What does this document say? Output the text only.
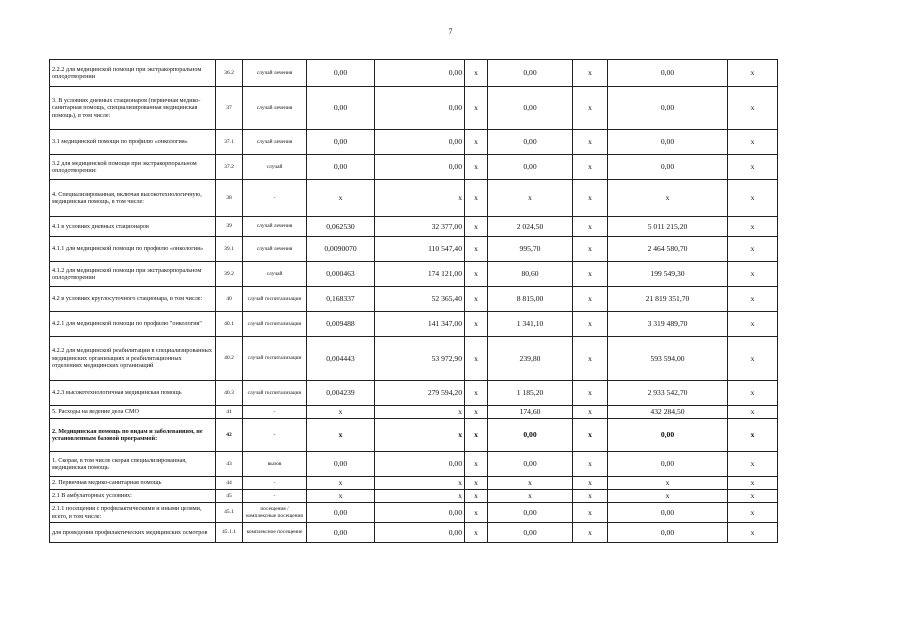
7
2.2.2 для медицинской помощи при экстракорпоральном оплодотворении	36.2	случай лечения	0,00	0,00	х	0,00	х	0,00	х
3. В условиях дневных стационаров (первичная медико-санитарная помощь, специализированная медицинская помощь), в том числе:	37	случай лечения	0,00	0,00	х	0,00	х	0,00	х
3.1 медицинской помощи по профилю «онкология»	37.1	случай лечения	0,00	0,00	х	0,00	х	0,00	х
3.2 для медицинской помощи при экстракорпоральном оплодотворении:	37.2	случай	0,00	0,00	х	0,00	х	0,00	х
4. Специализированная, включая высокотехнологичную, медицинская помощь, в том числе:	38	-	х	х	х	х	х	х	х
4.1 в условиях дневных стационаров	39	случай лечения	0,062530	32 377,00	х	2 024,50	х	5 011 215,20	х
4.1.1 для медицинской помощи по профилю «онкология»	39.1	случай лечения	0,0090070	110 547,40	х	995,70	х	2 464 580,70	х
4.1.2 для медицинской помощи при экстракорпоральном оплодотворении	39.2	случай	0,000463	174 121,00	х	80,60	х	199 549,30	х
4.2 в условиях круглосуточного стационара, в том числе:	40	случай госпитализации	0,168337	52 365,40	х	8 815,00	х	21 819 351,70	х
4.2.1 для медицинской помощи по профилю "онкология"	40.1	случай госпитализации	0,009488	141 347,00	х	1 341,10	х	3 319 489,70	х
4.2.2 для медицинской реабилитации в специализированных медицинских организациях и реабилитационных отделениях медицинских организаций	40.2	случай госпитализации	0,004443	53 972,90	х	239,80	х	593 594,00	х
4.2.3 высокотехнологичная медицинская помощь	40.3	случай госпитализации	0,004239	279 594,20	х	1 185,20	х	2 933 542,70	х
5. Расходы на ведение дела СМО	41	-	х	х	х	174,60	х	432 284,50	х
2. Медицинская помощь по видам и заболеваниям, не установленным базовой программой:	42	-	х	х	х	0,00	х	0,00	х
1. Скорая, в том числе скорая специализированная, медицинская помощь	43	вызов	0,00	0,00	х	0,00	х	0,00	х
2. Первичная медико-санитарная помощь	44	-	х	х	х	х	х	х	х
2.1 В амбулаторных условиях:	45	-	х	х	х	х	х	х	х
2.1.1 посещения с профилактическими и иными целями, всего, в том числе:	45.1	посещения / комплексные посещения	0,00	0,00	х	0,00	х	0,00	х
для проведения профилактических медицинских осмотров	45.1.1	комплексное посещение	0,00	0,00	х	0,00	х	0,00	х
